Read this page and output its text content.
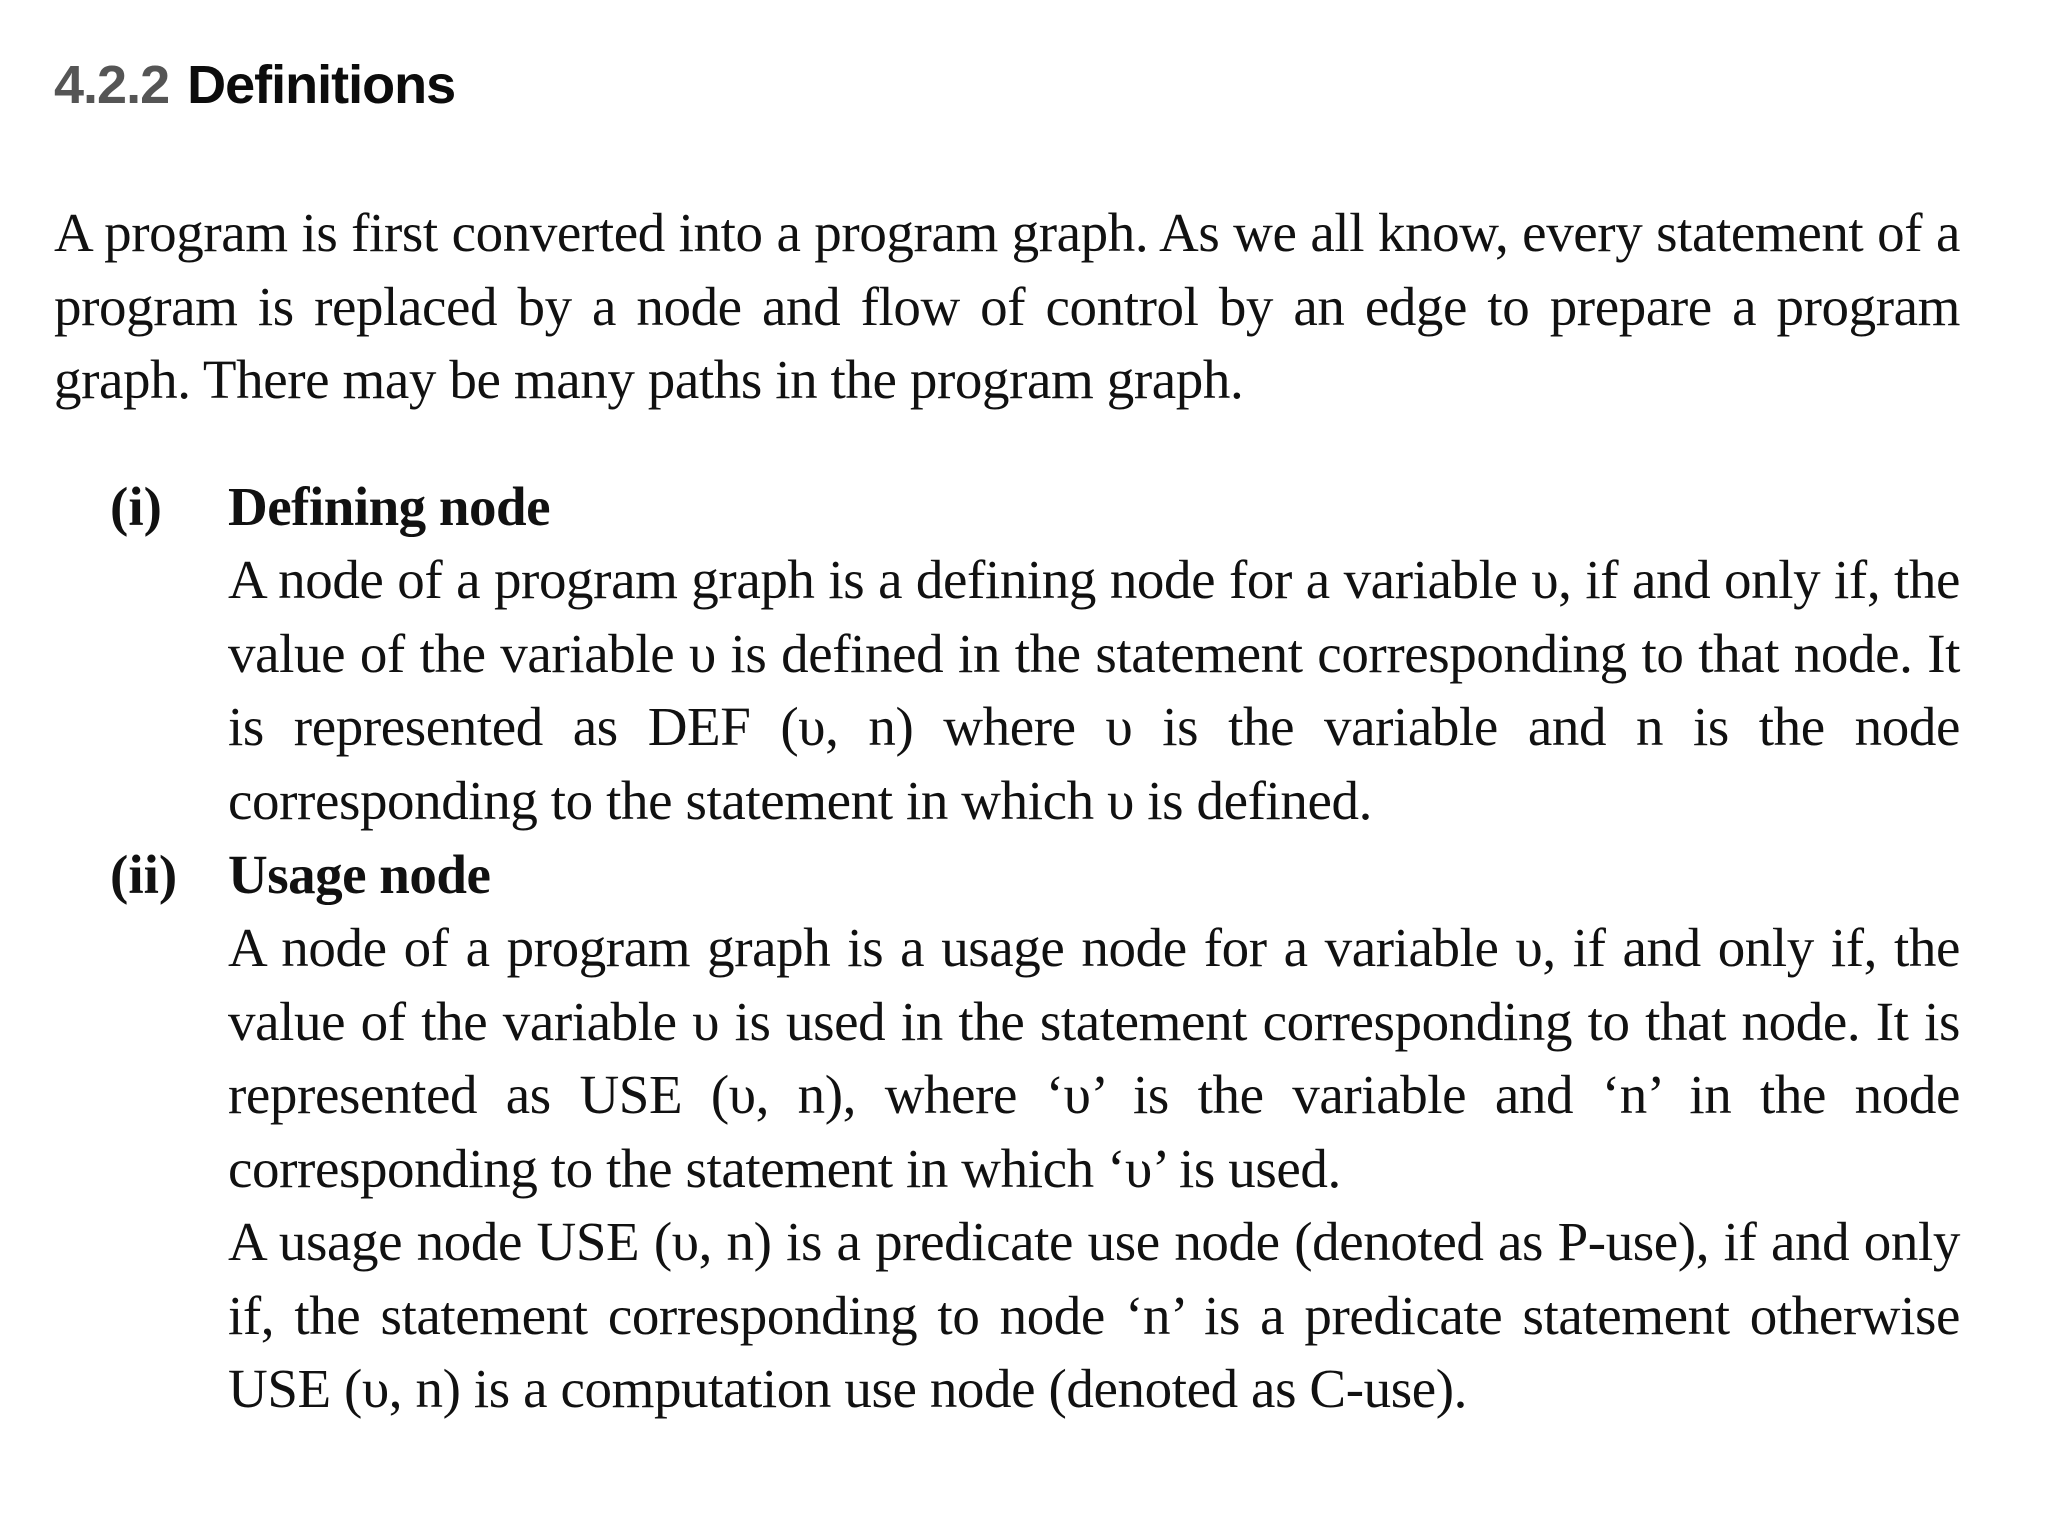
4.2.2 Definitions
A program is first converted into a program graph. As we all know, every statement of a program is replaced by a node and flow of control by an edge to prepare a program graph. There may be many paths in the program graph.
(i) Defining node
A node of a program graph is a defining node for a variable υ, if and only if, the value of the variable υ is defined in the statement corresponding to that node. It is represented as DEF (υ, n) where υ is the variable and n is the node corresponding to the statement in which υ is defined.
(ii) Usage node
A node of a program graph is a usage node for a variable υ, if and only if, the value of the variable υ is used in the statement corresponding to that node. It is represented as USE (υ, n), where ‘υ’ is the variable and ‘n’ in the node corresponding to the statement in which ‘υ’ is used.
A usage node USE (υ, n) is a predicate use node (denoted as P-use), if and only if, the statement corresponding to node ‘n’ is a predicate statement otherwise USE (υ, n) is a computation use node (denoted as C-use).
